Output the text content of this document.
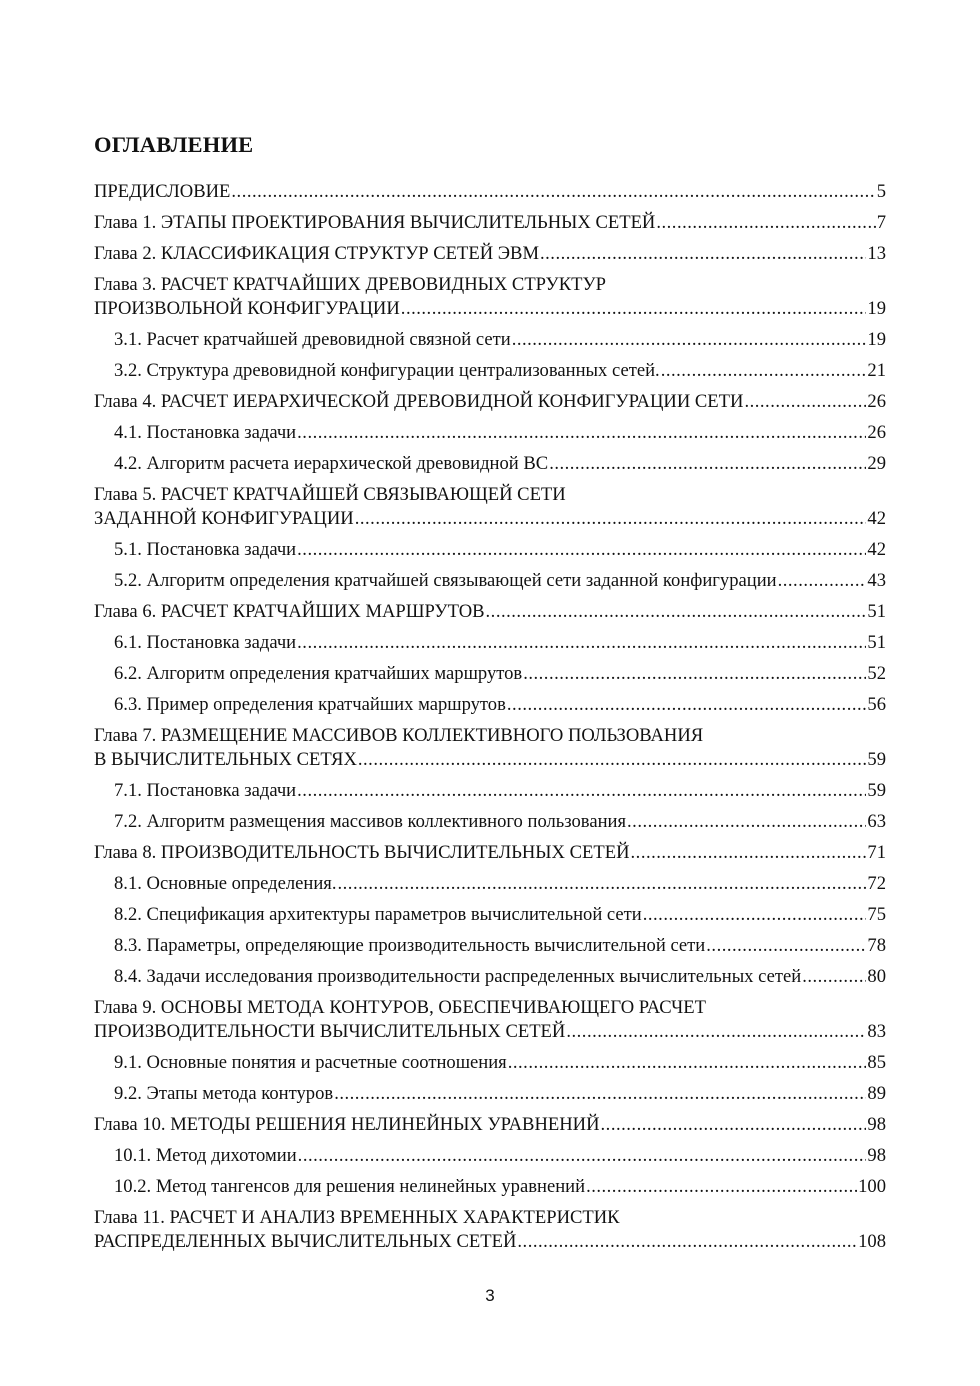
ОГЛАВЛЕНИЕ
ПРЕДИСЛОВИЕ .....	5
Глава 1. ЭТАПЫ ПРОЕКТИРОВАНИЯ ВЫЧИСЛИТЕЛЬНЫХ СЕТЕЙ .....	7
Глава 2. КЛАССИФИКАЦИЯ СТРУКТУР СЕТЕЙ ЭВМ .....	13
Глава 3. РАСЧЕТ КРАТЧАЙШИХ ДРЕВОВИДНЫХ СТРУКТУР
ПРОИЗВОЛЬНОЙ КОНФИГУРАЦИИ .....	19
3.1. Расчет кратчайшей древовидной связной сети .....	19
3.2. Структура древовидной конфигурации централизованных сетей. .....	21
Глава 4. РАСЧЕТ ИЕРАРХИЧЕСКОЙ ДРЕВОВИДНОЙ КОНФИГУРАЦИИ СЕТИ .....	26
4.1. Постановка задачи .....	26
4.2. Алгоритм расчета иерархической древовидной ВС .....	29
Глава 5. РАСЧЕТ КРАТЧАЙШЕЙ СВЯЗЫВАЮЩЕЙ СЕТИ
ЗАДАННОЙ КОНФИГУРАЦИИ .....	42
5.1. Постановка задачи .....	42
5.2. Алгоритм определения кратчайшей связывающей сети заданной конфигурации .....	43
Глава 6. РАСЧЕТ КРАТЧАЙШИХ МАРШРУТОВ .....	51
6.1. Постановка задачи .....	51
6.2. Алгоритм определения кратчайших маршрутов .....	52
6.3. Пример определения кратчайших маршрутов .....	56
Глава 7. РАЗМЕЩЕНИЕ МАССИВОВ КОЛЛЕКТИВНОГО ПОЛЬЗОВАНИЯ
В ВЫЧИСЛИТЕЛЬНЫХ СЕТЯХ .....	59
7.1. Постановка задачи .....	59
7.2. Алгоритм размещения массивов коллективного пользования .....	63
Глава 8. ПРОИЗВОДИТЕЛЬНОСТЬ ВЫЧИСЛИТЕЛЬНЫХ СЕТЕЙ .....	71
8.1. Основные определения. .....	72
8.2. Спецификация архитектуры параметров вычислительной сети .....	75
8.3. Параметры, определяющие производительность вычислительной сети .....	78
8.4. Задачи исследования производительности распределенных вычислительных сетей .....	80
Глава 9. ОСНОВЫ МЕТОДА КОНТУРОВ, ОБЕСПЕЧИВАЮЩЕГО РАСЧЕТ
ПРОИЗВОДИТЕЛЬНОСТИ ВЫЧИСЛИТЕЛЬНЫХ СЕТЕЙ .....	83
9.1. Основные понятия и расчетные соотношения .....	85
9.2. Этапы метода контуров .....	89
Глава 10. МЕТОДЫ РЕШЕНИЯ НЕЛИНЕЙНЫХ УРАВНЕНИЙ .....	98
10.1. Метод дихотомии .....	98
10.2. Метод тангенсов для решения нелинейных уравнений .....	100
Глава 11. РАСЧЕТ И АНАЛИЗ ВРЕМЕННЫХ ХАРАКТЕРИСТИК
РАСПРЕДЕЛЕННЫХ ВЫЧИСЛИТЕЛЬНЫХ СЕТЕЙ .....	108
3
